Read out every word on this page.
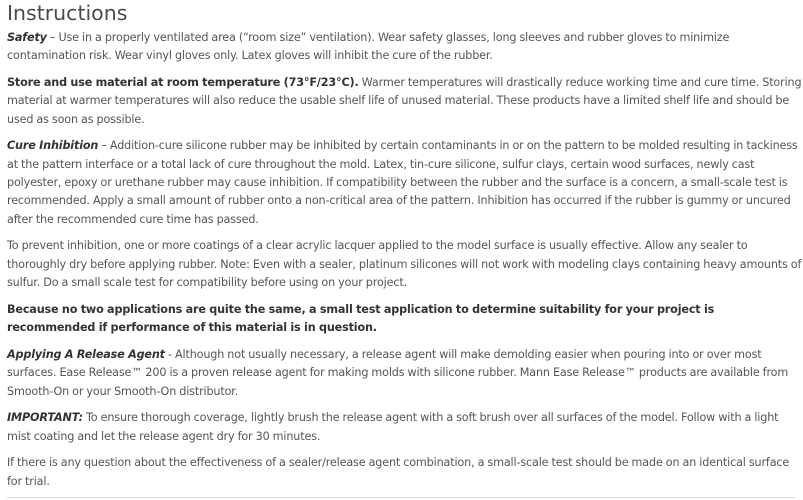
Instructions

Safety – Use in a properly ventilated area (“room size” ventilation). Wear safety glasses, long sleeves and rubber gloves to minimize contamination risk. Wear vinyl gloves only. Latex gloves will inhibit the cure of the rubber.

Store and use material at room temperature (73°F/23°C). Warmer temperatures will drastically reduce working time and cure time. Storing material at warmer temperatures will also reduce the usable shelf life of unused material. These products have a limited shelf life and should be used as soon as possible.

Cure Inhibition – Addition-cure silicone rubber may be inhibited by certain contaminants in or on the pattern to be molded resulting in tackiness at the pattern interface or a total lack of cure throughout the mold. Latex, tin-cure silicone, sulfur clays, certain wood surfaces, newly cast polyester, epoxy or urethane rubber may cause inhibition. If compatibility between the rubber and the surface is a concern, a small-scale test is recommended. Apply a small amount of rubber onto a non-critical area of the pattern. Inhibition has occurred if the rubber is gummy or uncured after the recommended cure time has passed.

To prevent inhibition, one or more coatings of a clear acrylic lacquer applied to the model surface is usually effective. Allow any sealer to thoroughly dry before applying rubber. Note: Even with a sealer, platinum silicones will not work with modeling clays containing heavy amounts of sulfur. Do a small scale test for compatibility before using on your project.

Because no two applications are quite the same, a small test application to determine suitability for your project is recommended if performance of this material is in question.

Applying A Release Agent - Although not usually necessary, a release agent will make demolding easier when pouring into or over most surfaces. Ease Release™ 200 is a proven release agent for making molds with silicone rubber. Mann Ease Release™ products are available from Smooth-On or your Smooth-On distributor.

IMPORTANT: To ensure thorough coverage, lightly brush the release agent with a soft brush over all surfaces of the model. Follow with a light mist coating and let the release agent dry for 30 minutes.

If there is any question about the effectiveness of a sealer/release agent combination, a small-scale test should be made on an identical surface for trial.
